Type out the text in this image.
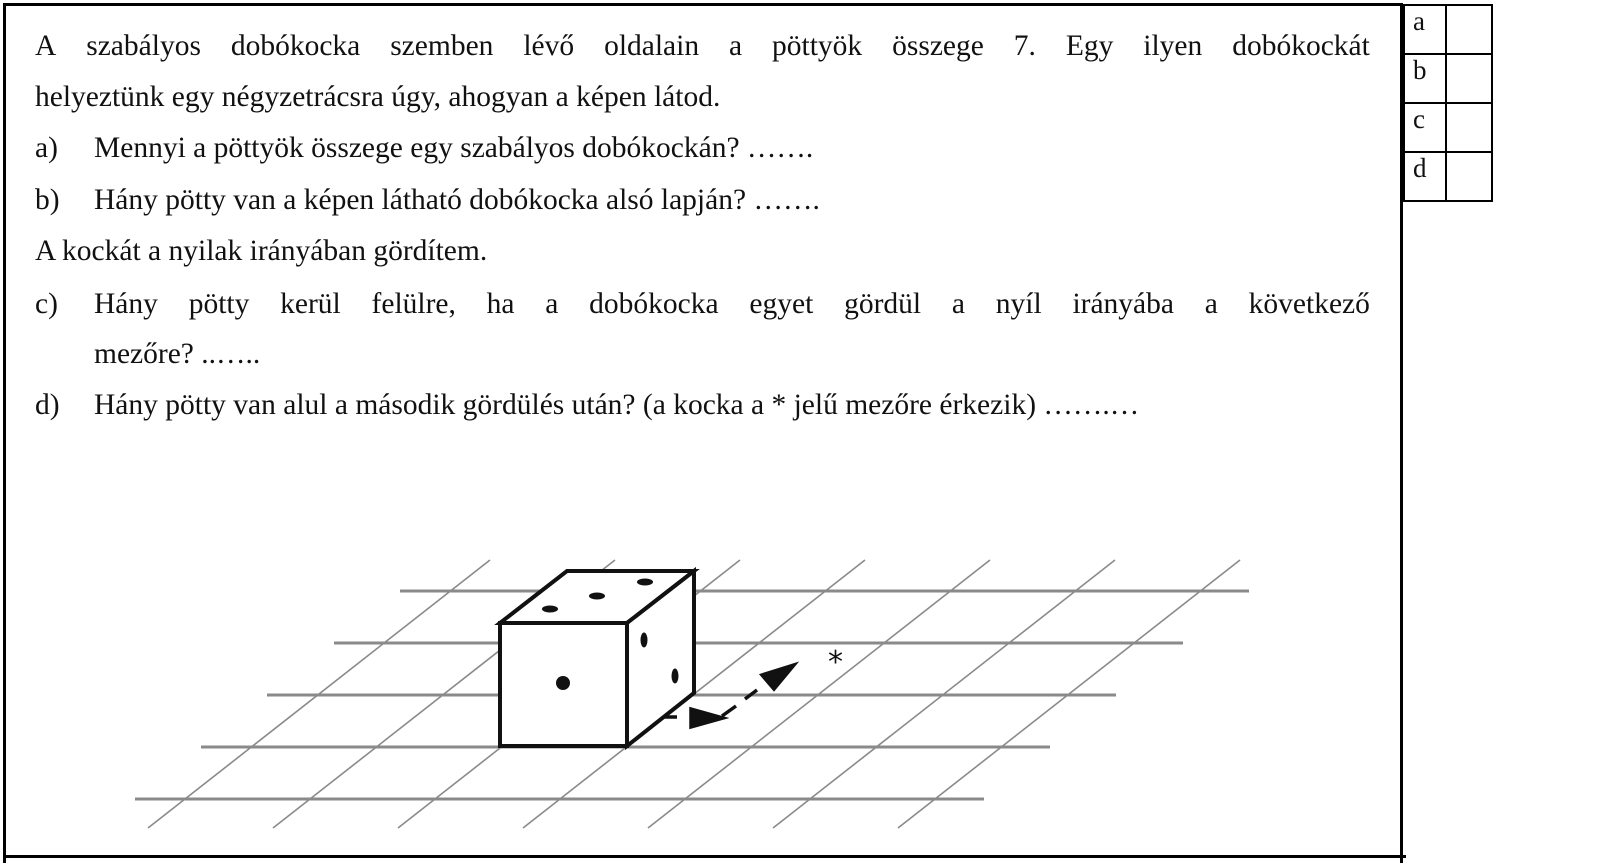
A szabályos dobókocka szemben lévő oldalain a pöttyök összege 7. Egy ilyen dobókockát
helyeztünk egy négyzetrácsra úgy, ahogyan a képen látod.
a) Mennyi a pöttyök összege egy szabályos dobókockán? …….
b) Hány pötty van a képen látható dobókocka alsó lapján? …….
A kockát a nyilak irányában gördítem.
c) Hány pötty kerül felülre, ha a dobókocka egyet gördül a nyíl irányába a következő
mezőre? ..…..
d) Hány pötty van alul a második gördülés után? (a kocka a * jelű mezőre érkezik) …….…
a	
b	
c	
d	
*
